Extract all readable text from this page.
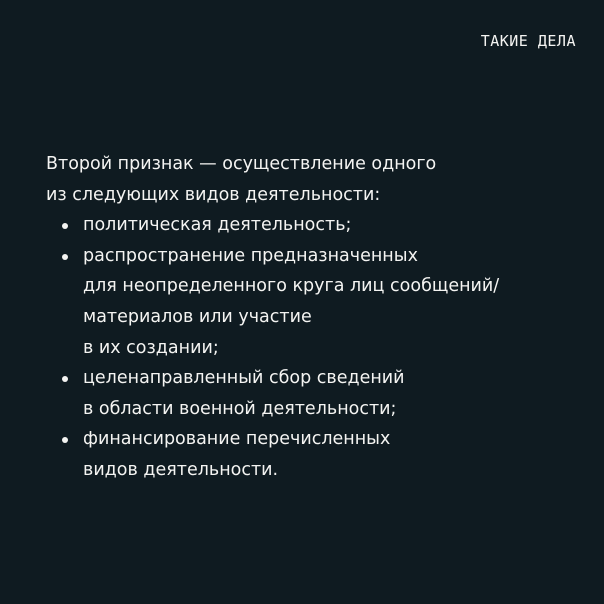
ТАКИЕ ДЕЛА
Второй признак — осуществление одного
из следующих видов деятельности:
политическая деятельность;
распространение предназначенных
для неопределенного круга лиц сообщений/
материалов или участие
в их создании;
целенаправленный сбор сведений
в области военной деятельности;
финансирование перечисленных
видов деятельности.
